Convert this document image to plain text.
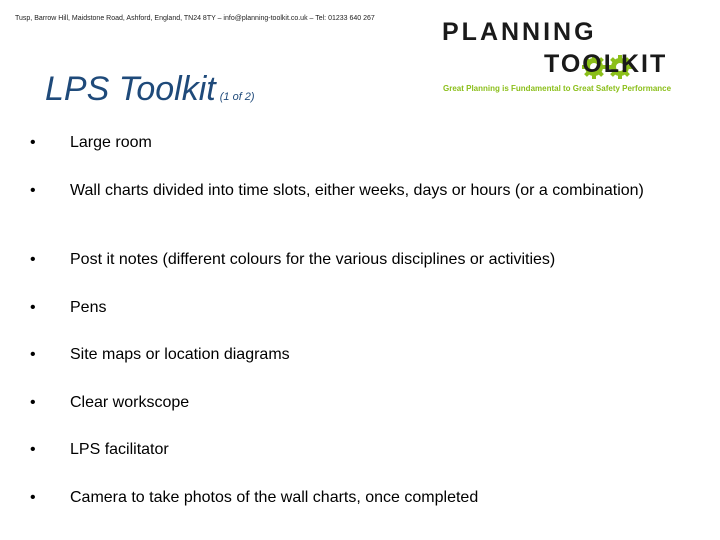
Tusp, Barrow Hill, Maidstone Road, Ashford, England, TN24 8TY – info@planning-toolkit.co.uk – Tel: 01233 640 267	PLANNING
TOOLKIT
Great Planning is Fundamental to Great Safety Performance
LPS Toolkit (1 of 2)
• Large room
• Wall charts divided into time slots, either weeks, days or hours (or a combination)
• Post it notes (different colours for the various disciplines or activities)
• Pens
• Site maps or location diagrams
• Clear workscope
• LPS facilitator
• Camera to take photos of the wall charts, once completed
